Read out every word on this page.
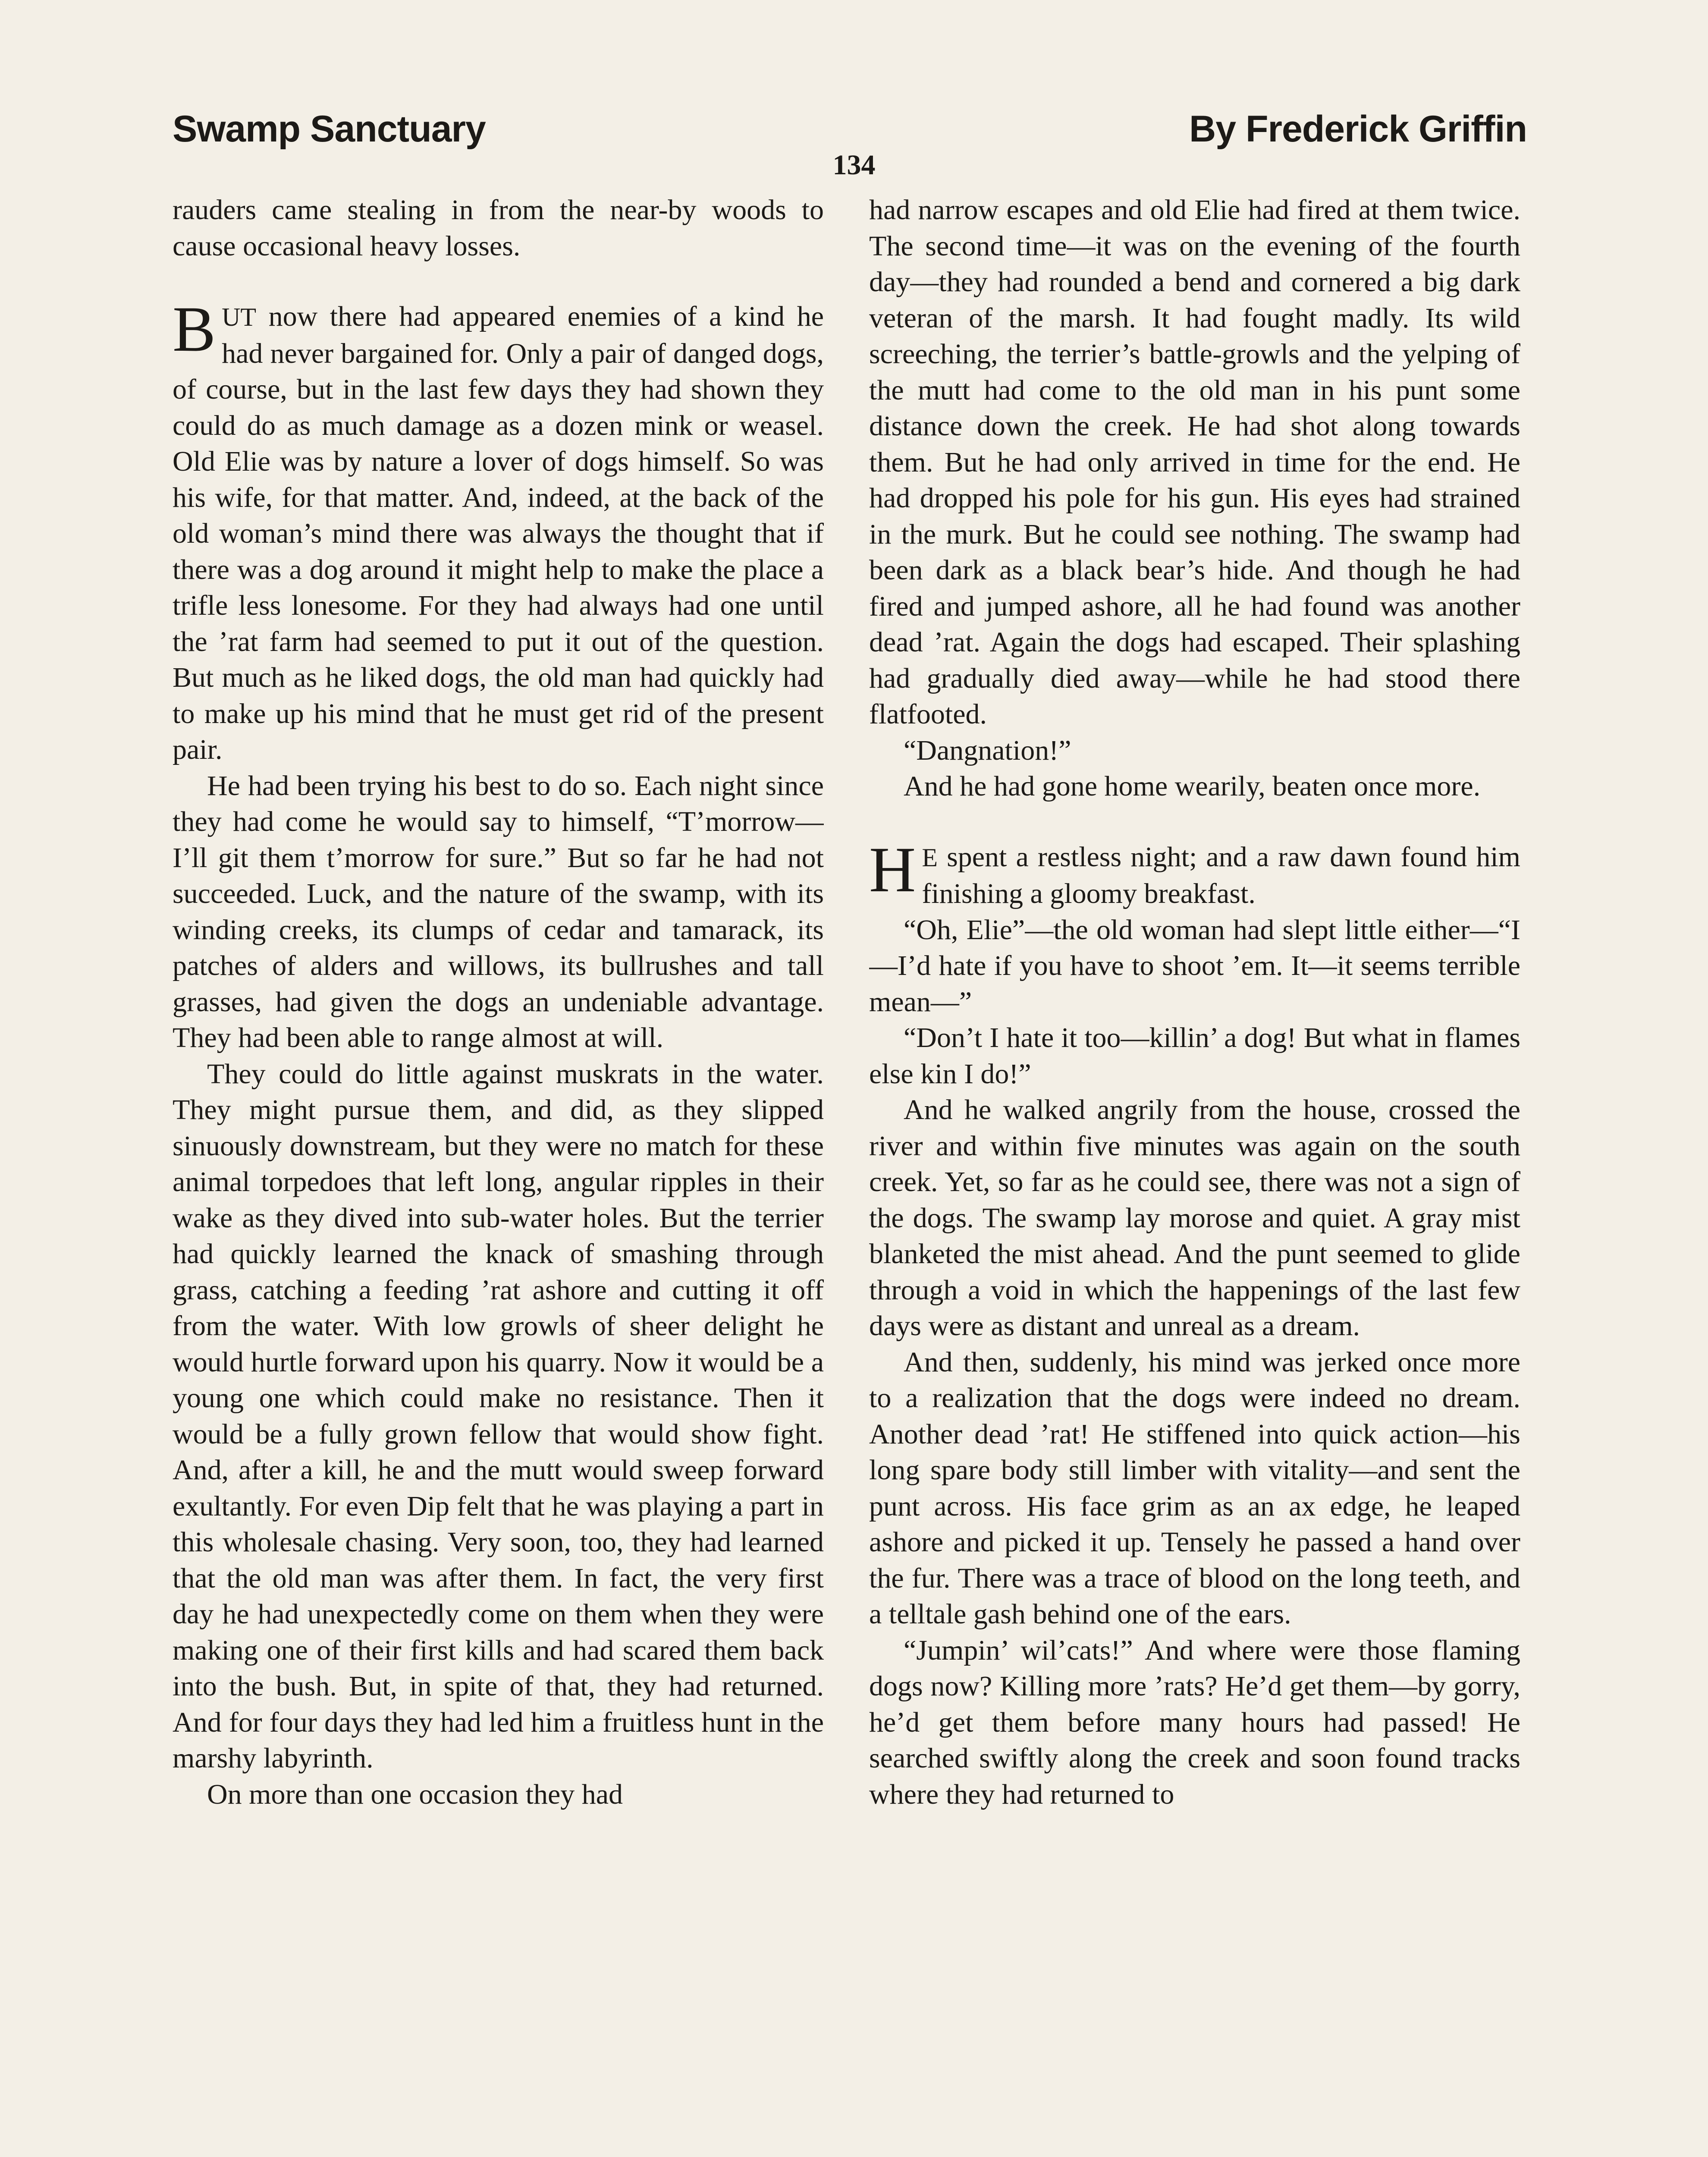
Swamp Sanctuary	By Frederick Griffin
134

rauders came stealing in from the near-by woods to cause occasional heavy losses.

BUT now there had appeared enemies of a kind he had never bargained for. Only a pair of danged dogs, of course, but in the last few days they had shown they could do as much damage as a dozen mink or weasel. Old Elie was by nature a lover of dogs himself. So was his wife, for that matter. And, indeed, at the back of the old woman’s mind there was always the thought that if there was a dog around it might help to make the place a trifle less lonesome. For they had always had one until the ’rat farm had seemed to put it out of the question. But much as he liked dogs, the old man had quickly had to make up his mind that he must get rid of the present pair.

He had been trying his best to do so. Each night since they had come he would say to himself, “T’morrow—I’ll git them t’morrow for sure.” But so far he had not succeeded. Luck, and the nature of the swamp, with its winding creeks, its clumps of cedar and tamarack, its patches of alders and willows, its bullrushes and tall grasses, had given the dogs an undeniable advantage. They had been able to range almost at will.

They could do little against muskrats in the water. They might pursue them, and did, as they slipped sinuously downstream, but they were no match for these animal torpedoes that left long, angular ripples in their wake as they dived into sub-water holes. But the terrier had quickly learned the knack of smashing through grass, catching a feeding ’rat ashore and cutting it off from the water. With low growls of sheer delight he would hurtle forward upon his quarry. Now it would be a young one which could make no resistance. Then it would be a fully grown fellow that would show fight. And, after a kill, he and the mutt would sweep forward exultantly. For even Dip felt that he was playing a part in this wholesale chasing. Very soon, too, they had learned that the old man was after them. In fact, the very first day he had unexpectedly come on them when they were making one of their first kills and had scared them back into the bush. But, in spite of that, they had returned. And for four days they had led him a fruitless hunt in the marshy labyrinth.

On more than one occasion they had

had narrow escapes and old Elie had fired at them twice. The second time—it was on the evening of the fourth day—they had rounded a bend and cornered a big dark veteran of the marsh. It had fought madly. Its wild screeching, the terrier’s battle-growls and the yelping of the mutt had come to the old man in his punt some distance down the creek. He had shot along towards them. But he had only arrived in time for the end. He had dropped his pole for his gun. His eyes had strained in the murk. But he could see nothing. The swamp had been dark as a black bear’s hide. And though he had fired and jumped ashore, all he had found was another dead ’rat. Again the dogs had escaped. Their splashing had gradually died away—while he had stood there flatfooted.

“Dangnation!”

And he had gone home wearily, beaten once more.

H E spent a restless night; and a raw dawn found him finishing a gloomy breakfast.

“Oh, Elie”—the old woman had slept little either—“I—I’d hate if you have to shoot ’em. It—it seems terrible mean—”

“Don’t I hate it too—killin’ a dog! But what in flames else kin I do!”

And he walked angrily from the house, crossed the river and within five minutes was again on the south creek. Yet, so far as he could see, there was not a sign of the dogs. The swamp lay morose and quiet. A gray mist blanketed the mist ahead. And the punt seemed to glide through a void in which the happenings of the last few days were as distant and unreal as a dream.

And then, suddenly, his mind was jerked once more to a realization that the dogs were indeed no dream. Another dead ’rat! He stiffened into quick action—his long spare body still limber with vitality—and sent the punt across. His face grim as an ax edge, he leaped ashore and picked it up. Tensely he passed a hand over the fur. There was a trace of blood on the long teeth, and a telltale gash behind one of the ears.

“Jumpin’ wil’cats!” And where were those flaming dogs now? Killing more ’rats? He’d get them—by gorry, he’d get them before many hours had passed! He searched swiftly along the creek and soon found tracks where they had returned to
